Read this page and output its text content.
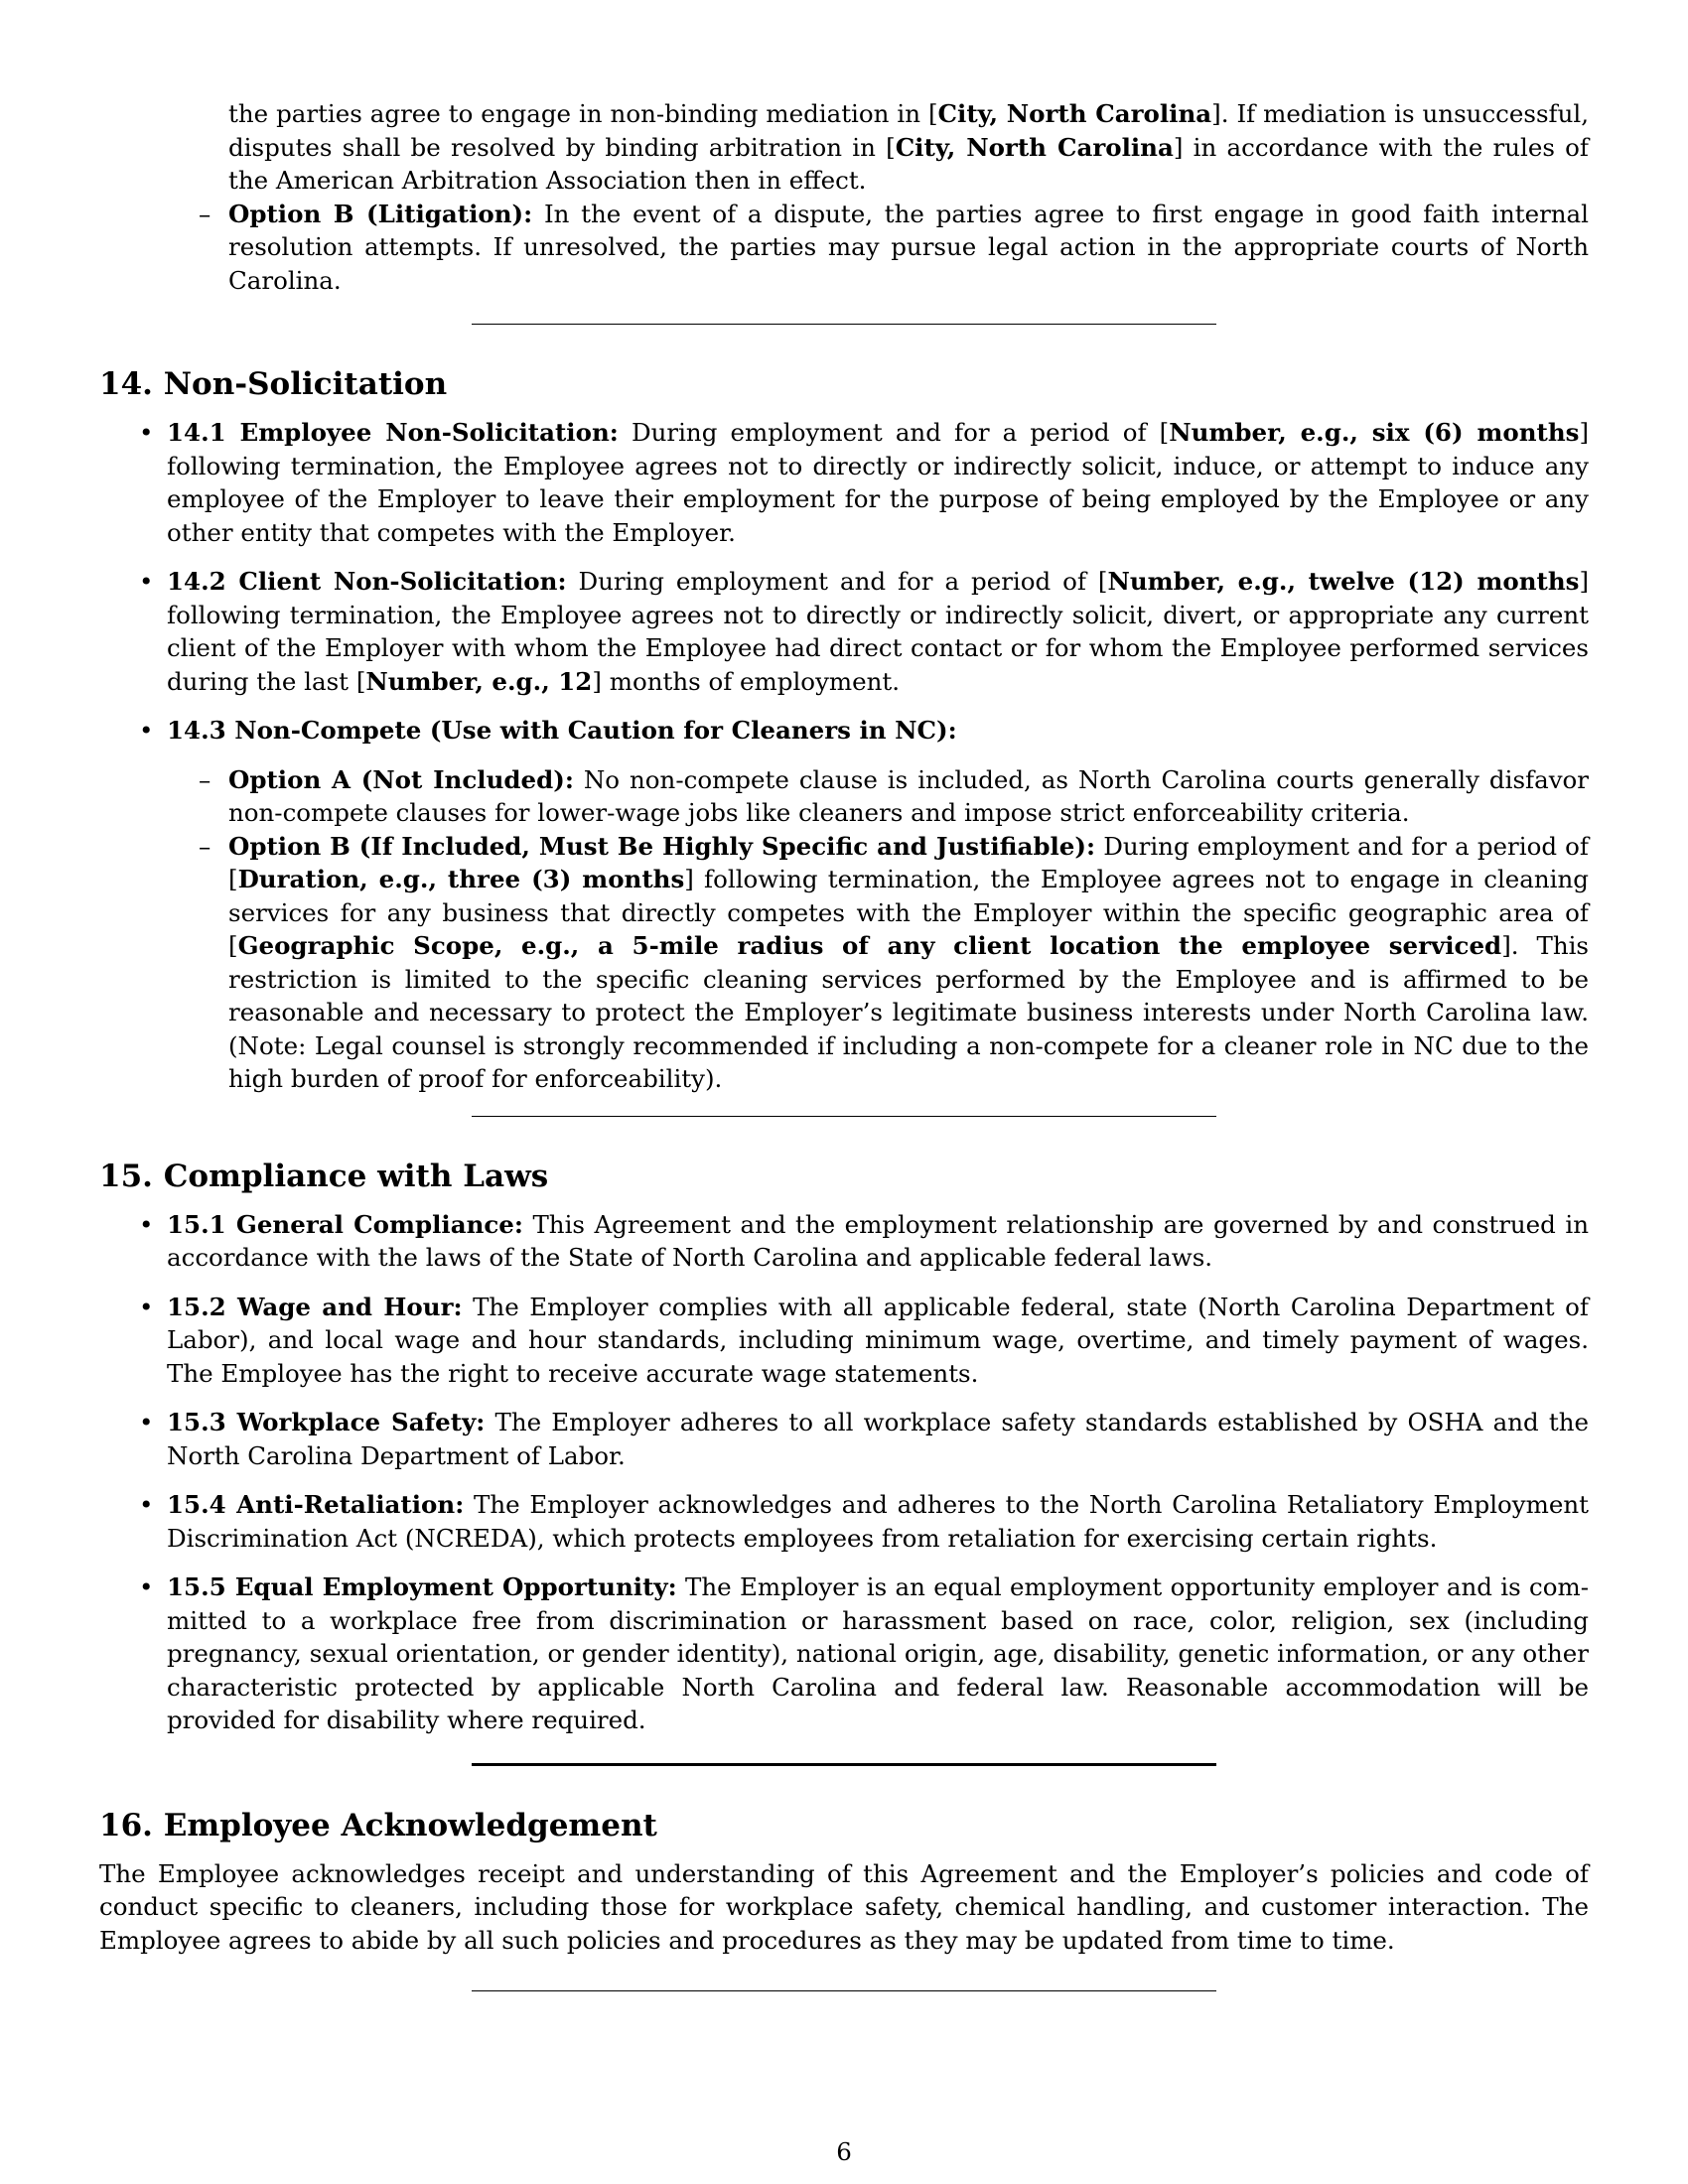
the parties agree to engage in non-binding mediation in [City, North Carolina]. If mediation is unsuccessful, disputes shall be resolved by binding arbitration in [City, North Carolina] in accordance with the rules of the American Arbitration Association then in effect.
– Option B (Litigation): In the event of a dispute, the parties agree to first engage in good faith internal resolution attempts. If unresolved, the parties may pursue legal action in the appropriate courts of North Carolina.
14. Non-Solicitation
• 14.1 Employee Non-Solicitation: During employment and for a period of [Number, e.g., six (6) months] following termination, the Employee agrees not to directly or indirectly solicit, induce, or attempt to induce any employee of the Employer to leave their employment for the purpose of being employed by the Employee or any other entity that competes with the Employer.
• 14.2 Client Non-Solicitation: During employment and for a period of [Number, e.g., twelve (12) months] following termination, the Employee agrees not to directly or indirectly solicit, divert, or appropriate any current client of the Employer with whom the Employee had direct contact or for whom the Employee performed services during the last [Number, e.g., 12] months of employment.
• 14.3 Non-Compete (Use with Caution for Cleaners in NC):
– Option A (Not Included): No non-compete clause is included, as North Carolina courts generally disfavor non-compete clauses for lower-wage jobs like cleaners and impose strict enforceability criteria.
– Option B (If Included, Must Be Highly Specific and Justifiable): During employment and for a period of [Duration, e.g., three (3) months] following termination, the Employee agrees not to engage in cleaning services for any business that directly competes with the Employer within the specific geographic area of [Geographic Scope, e.g., a 5-mile radius of any client location the employee serviced]. This restriction is limited to the specific cleaning services performed by the Employee and is affirmed to be reasonable and necessary to protect the Employer’s legitimate business interests under North Carolina law. (Note: Legal counsel is strongly recommended if including a non-compete for a cleaner role in NC due to the high burden of proof for enforceability).
15. Compliance with Laws
• 15.1 General Compliance: This Agreement and the employment relationship are governed by and construed in accordance with the laws of the State of North Carolina and applicable federal laws.
• 15.2 Wage and Hour: The Employer complies with all applicable federal, state (North Carolina Department of Labor), and local wage and hour standards, including minimum wage, overtime, and timely payment of wages. The Employee has the right to receive accurate wage statements.
• 15.3 Workplace Safety: The Employer adheres to all workplace safety standards established by OSHA and the North Carolina Department of Labor.
• 15.4 Anti-Retaliation: The Employer acknowledges and adheres to the North Carolina Retaliatory Employment Discrimination Act (NCREDA), which protects employees from retaliation for exercising certain rights.
• 15.5 Equal Employment Opportunity: The Employer is an equal employment opportunity employer and is com-mitted to a workplace free from discrimination or harassment based on race, color, religion, sex (including pregnancy, sexual orientation, or gender identity), national origin, age, disability, genetic information, or any other characteristic protected by applicable North Carolina and federal law. Reasonable accommodation will be provided for disability where required.
16. Employee Acknowledgement

The Employee acknowledges receipt and understanding of this Agreement and the Employer’s policies and code of conduct specific to cleaners, including those for workplace safety, chemical handling, and customer interaction. The Employee agrees to abide by all such policies and procedures as they may be updated from time to time.

6
